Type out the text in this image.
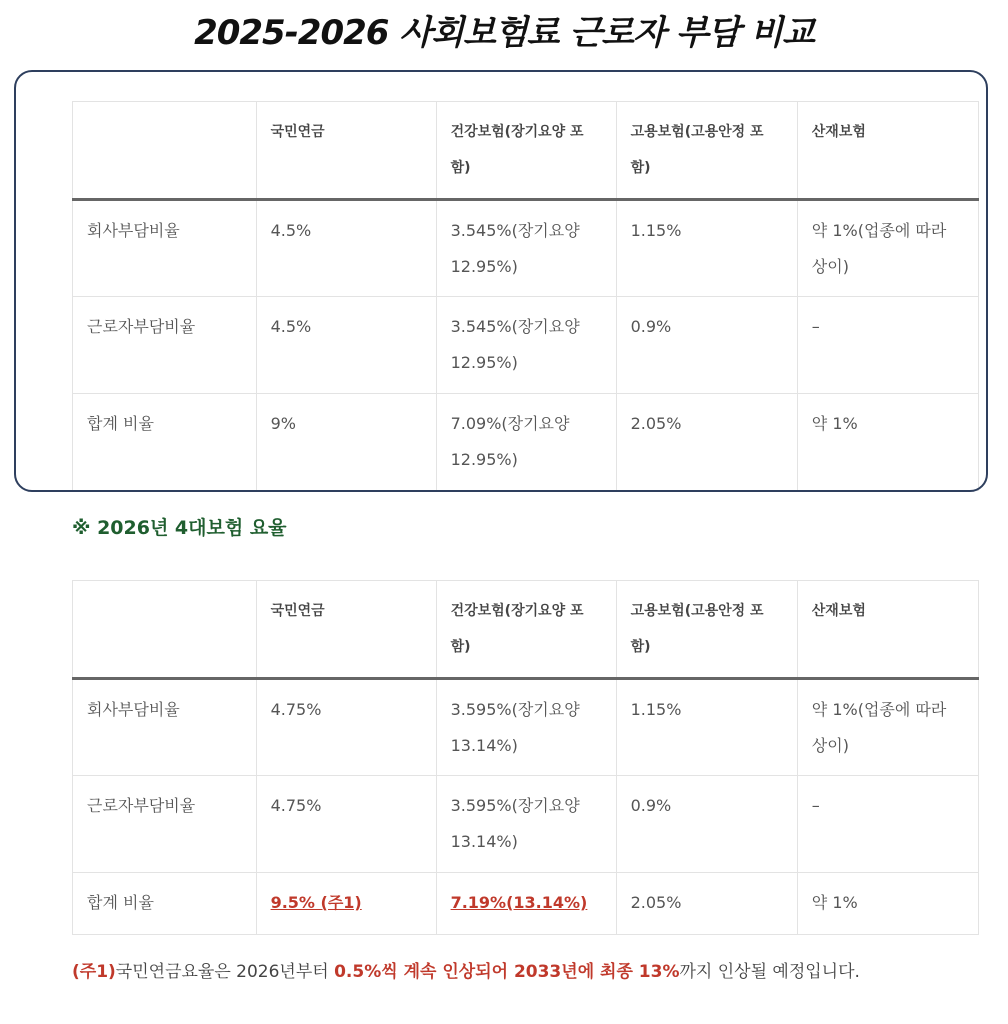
2025-2026 사회보험료 근로자 부담 비교
	국민연금	건강보험(장기요양 포함)	고용보험(고용안정 포함)	산재보험
회사부담비율	4.5%	3.545%(장기요양 12.95%)	1.15%	약 1%(업종에 따라 상이)
근로자부담비율	4.5%	3.545%(장기요양 12.95%)	0.9%	–
합계 비율	9%	7.09%(장기요양 12.95%)	2.05%	약 1%
※ 2026년 4대보험 요율
	국민연금	건강보험(장기요양 포함)	고용보험(고용안정 포함)	산재보험
회사부담비율	4.75%	3.595%(장기요양 13.14%)	1.15%	약 1%(업종에 따라 상이)
근로자부담비율	4.75%	3.595%(장기요양 13.14%)	0.9%	–
합계 비율	9.5% (주1)	7.19%(13.14%)	2.05%	약 1%
(주1)국민연금요율은 2026년부터 0.5%씩 계속 인상되어 2033년에 최종 13%까지 인상될 예정입니다.
